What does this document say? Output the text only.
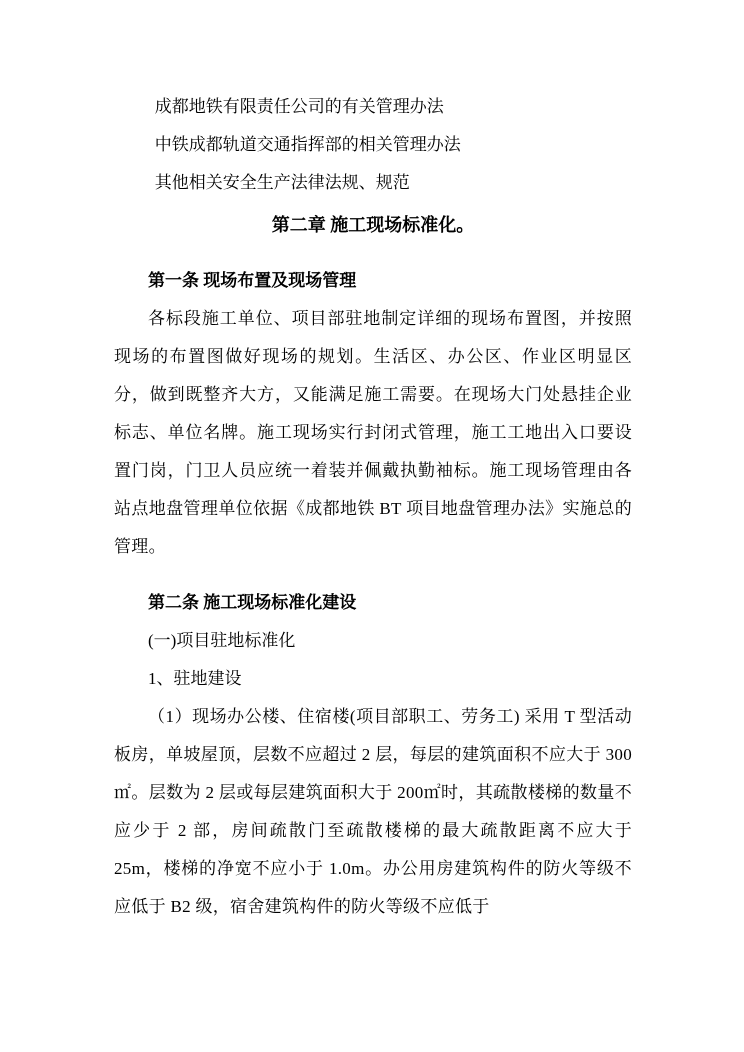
成都地铁有限责任公司的有关管理办法
中铁成都轨道交通指挥部的相关管理办法
其他相关安全生产法律法规、规范
第二章 施工现场标准化。
第一条 现场布置及现场管理
各标段施工单位、项目部驻地制定详细的现场布置图，并按照现场的布置图做好现场的规划。生活区、办公区、作业区明显区分，做到既整齐大方，又能满足施工需要。在现场大门处悬挂企业标志、单位名牌。施工现场实行封闭式管理，施工工地出入口要设置门岗，门卫人员应统一着装并佩戴执勤袖标。施工现场管理由各站点地盘管理单位依据《成都地铁 BT 项目地盘管理办法》实施总的管理。
第二条 施工现场标准化建设
(一)项目驻地标准化
1、驻地建设
（1）现场办公楼、住宿楼(项目部职工、劳务工) 采用 T 型活动板房，单坡屋顶，层数不应超过 2 层，每层的建筑面积不应大于 300㎡。层数为 2 层或每层建筑面积大于 200㎡时，其疏散楼梯的数量不应少于 2 部，房间疏散门至疏散楼梯的最大疏散距离不应大于 25m，楼梯的净宽不应小于 1.0m。办公用房建筑构件的防火等级不应低于 B2 级，宿舍建筑构件的防火等级不应低于
